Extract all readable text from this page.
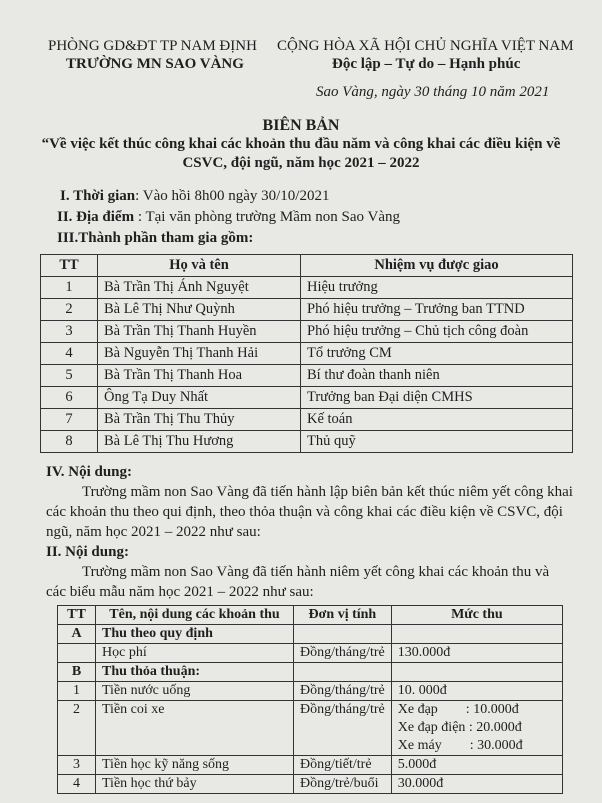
PHÒNG GD&ĐT TP NAM ĐỊNH
TRƯỜNG MN SAO VÀNG
CỘNG HÒA XÃ HỘI CHỦ NGHĨA VIỆT NAM
Độc lập – Tự do – Hạnh phúc
Sao Vàng, ngày 30 tháng 10 năm 2021
BIÊN BẢN
“Về việc kết thúc công khai các khoản thu đầu năm và công khai các điều kiện về
CSVC, đội ngũ, năm học 2021 – 2022
I. Thời gian: Vào hồi 8h00 ngày 30/10/2021
II. Địa điểm : Tại văn phòng trường Mầm non Sao Vàng
III.Thành phần tham gia gồm:
TT	Họ và tên	Nhiệm vụ được giao
1	Bà Trần Thị Ánh Nguyệt	Hiệu trưởng
2	Bà Lê Thị Như Quỳnh	Phó hiệu trưởng – Trưởng ban TTND
3	Bà Trần Thị Thanh Huyền	Phó hiệu trưởng – Chủ tịch công đoàn
4	Bà Nguyễn Thị Thanh Hải	Tổ trưởng CM
5	Bà Trần Thị Thanh Hoa	Bí thư đoàn thanh niên
6	Ông Tạ Duy Nhất	Trưởng ban Đại diện CMHS
7	Bà Trần Thị Thu Thủy	Kế toán
8	Bà Lê Thị Thu Hương	Thủ quỹ
IV. Nội dung:
Trường mầm non Sao Vàng đã tiến hành lập biên bản kết thúc niêm yết công khai
các khoản thu theo qui định, theo thỏa thuận và công khai các điều kiện về CSVC, đội
ngũ, năm học 2021 – 2022 như sau:
II. Nội dung:
Trường mầm non Sao Vàng đã tiến hành niêm yết công khai các khoản thu và
các biểu mẫu năm học 2021 – 2022 như sau:
TT	Tên, nội dung các khoản thu	Đơn vị tính	Mức thu
A	Thu theo quy định		
	Học phí	Đồng/tháng/trẻ	130.000đ
B	Thu thỏa thuận:		
1	Tiền nước uống	Đồng/tháng/trẻ	10. 000đ
2	Tiền coi xe	Đồng/tháng/trẻ	Xe đạp        : 10.000đ
Xe đạp điện : 20.000đ
Xe máy        : 30.000đ

3	Tiền học kỹ năng sống	Đồng/tiết/trẻ	5.000đ
4	Tiền học thứ bảy	Đồng/trẻ/buổi	30.000đ
